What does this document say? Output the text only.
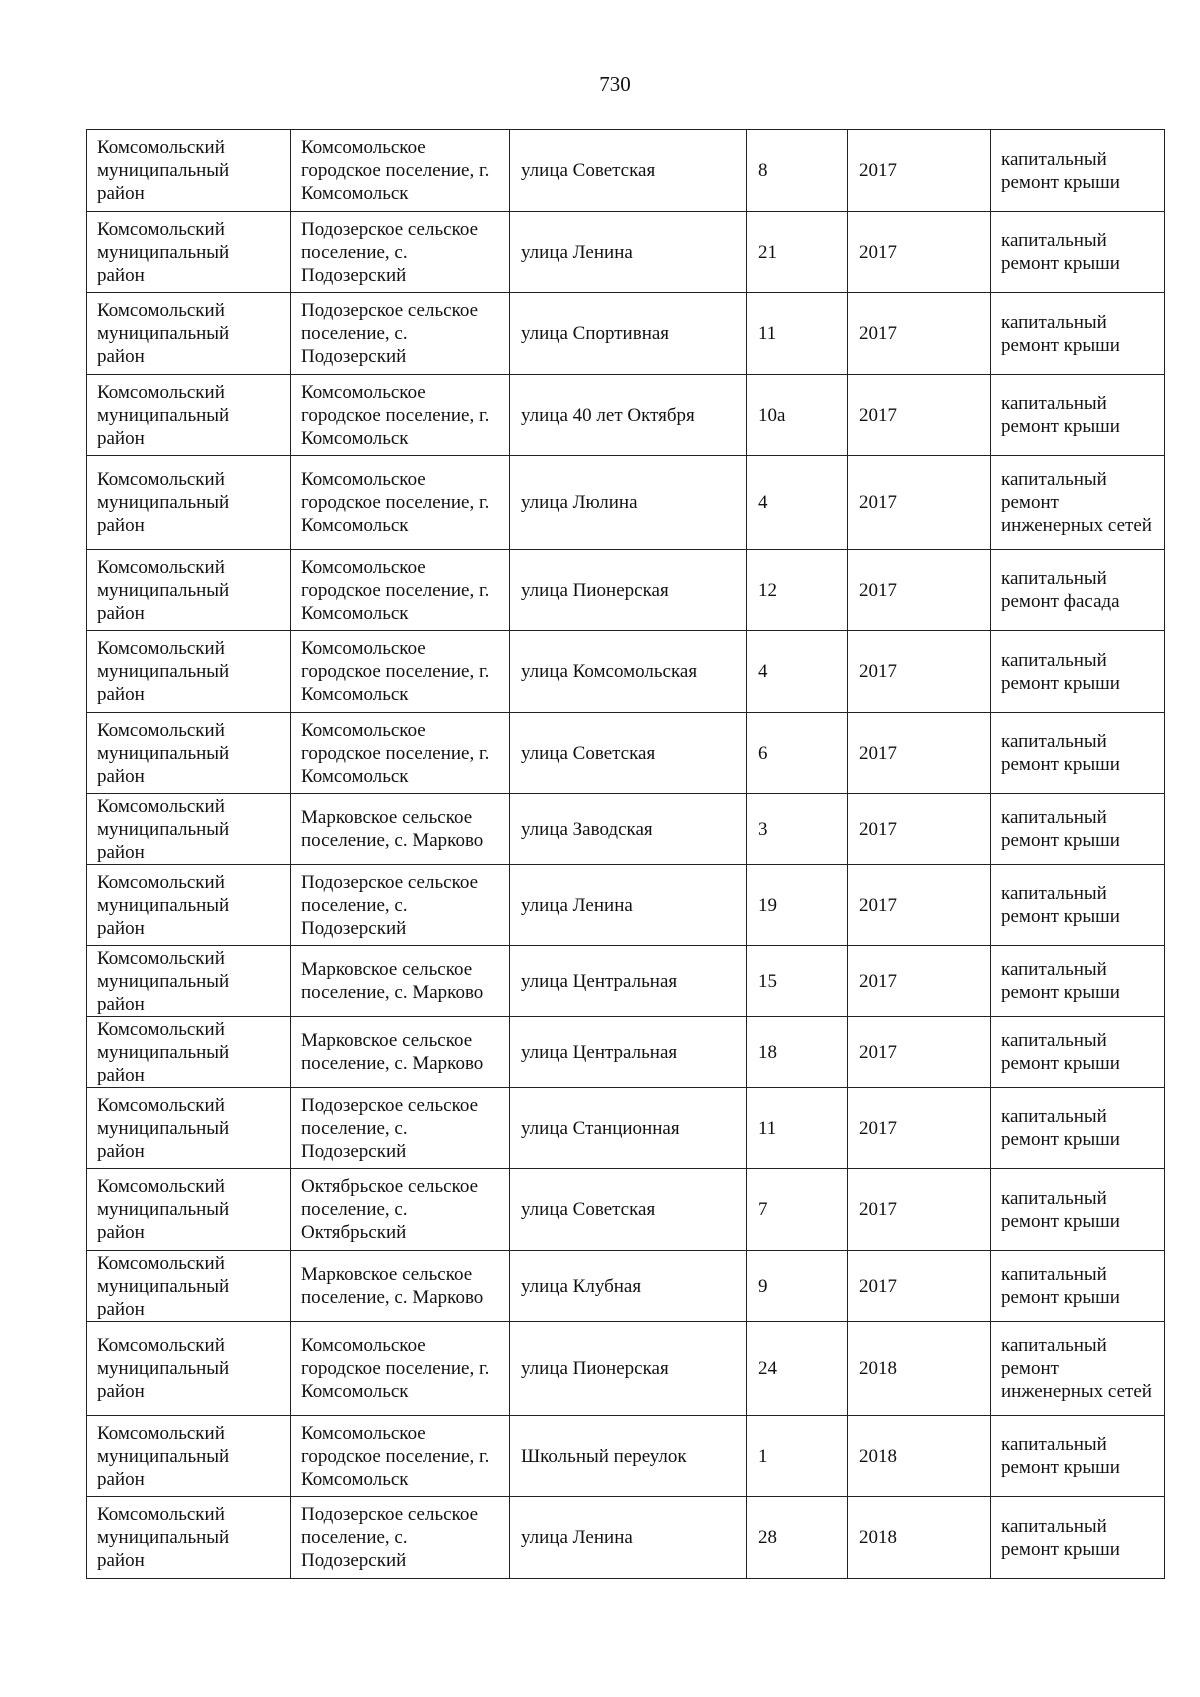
730
Комсомольский муниципальный район	Комсомольское городское поселение, г. Комсомольск	улица Советская	8	2017	капитальный ремонт крыши
Комсомольский муниципальный район	Подозерское сельское поселение, с. Подозерский	улица Ленина	21	2017	капитальный ремонт крыши
Комсомольский муниципальный район	Подозерское сельское поселение, с. Подозерский	улица Спортивная	11	2017	капитальный ремонт крыши
Комсомольский муниципальный район	Комсомольское городское поселение, г. Комсомольск	улица 40 лет Октября	10а	2017	капитальный ремонт крыши
Комсомольский муниципальный район	Комсомольское городское поселение, г. Комсомольск	улица Люлина	4	2017	капитальный ремонт инженерных сетей
Комсомольский муниципальный район	Комсомольское городское поселение, г. Комсомольск	улица Пионерская	12	2017	капитальный ремонт фасада
Комсомольский муниципальный район	Комсомольское городское поселение, г. Комсомольск	улица Комсомольская	4	2017	капитальный ремонт крыши
Комсомольский муниципальный район	Комсомольское городское поселение, г. Комсомольск	улица Советская	6	2017	капитальный ремонт крыши
Комсомольский муниципальный район	Марковское сельское поселение, с. Марково	улица Заводская	3	2017	капитальный ремонт крыши
Комсомольский муниципальный район	Подозерское сельское поселение, с. Подозерский	улица Ленина	19	2017	капитальный ремонт крыши
Комсомольский муниципальный район	Марковское сельское поселение, с. Марково	улица Центральная	15	2017	капитальный ремонт крыши
Комсомольский муниципальный район	Марковское сельское поселение, с. Марково	улица Центральная	18	2017	капитальный ремонт крыши
Комсомольский муниципальный район	Подозерское сельское поселение, с. Подозерский	улица Станционная	11	2017	капитальный ремонт крыши
Комсомольский муниципальный район	Октябрьское сельское поселение, с. Октябрьский	улица Советская	7	2017	капитальный ремонт крыши
Комсомольский муниципальный район	Марковское сельское поселение, с. Марково	улица Клубная	9	2017	капитальный ремонт крыши
Комсомольский муниципальный район	Комсомольское городское поселение, г. Комсомольск	улица Пионерская	24	2018	капитальный ремонт инженерных сетей
Комсомольский муниципальный район	Комсомольское городское поселение, г. Комсомольск	Школьный переулок	1	2018	капитальный ремонт крыши
Комсомольский муниципальный район	Подозерское сельское поселение, с. Подозерский	улица Ленина	28	2018	капитальный ремонт крыши
